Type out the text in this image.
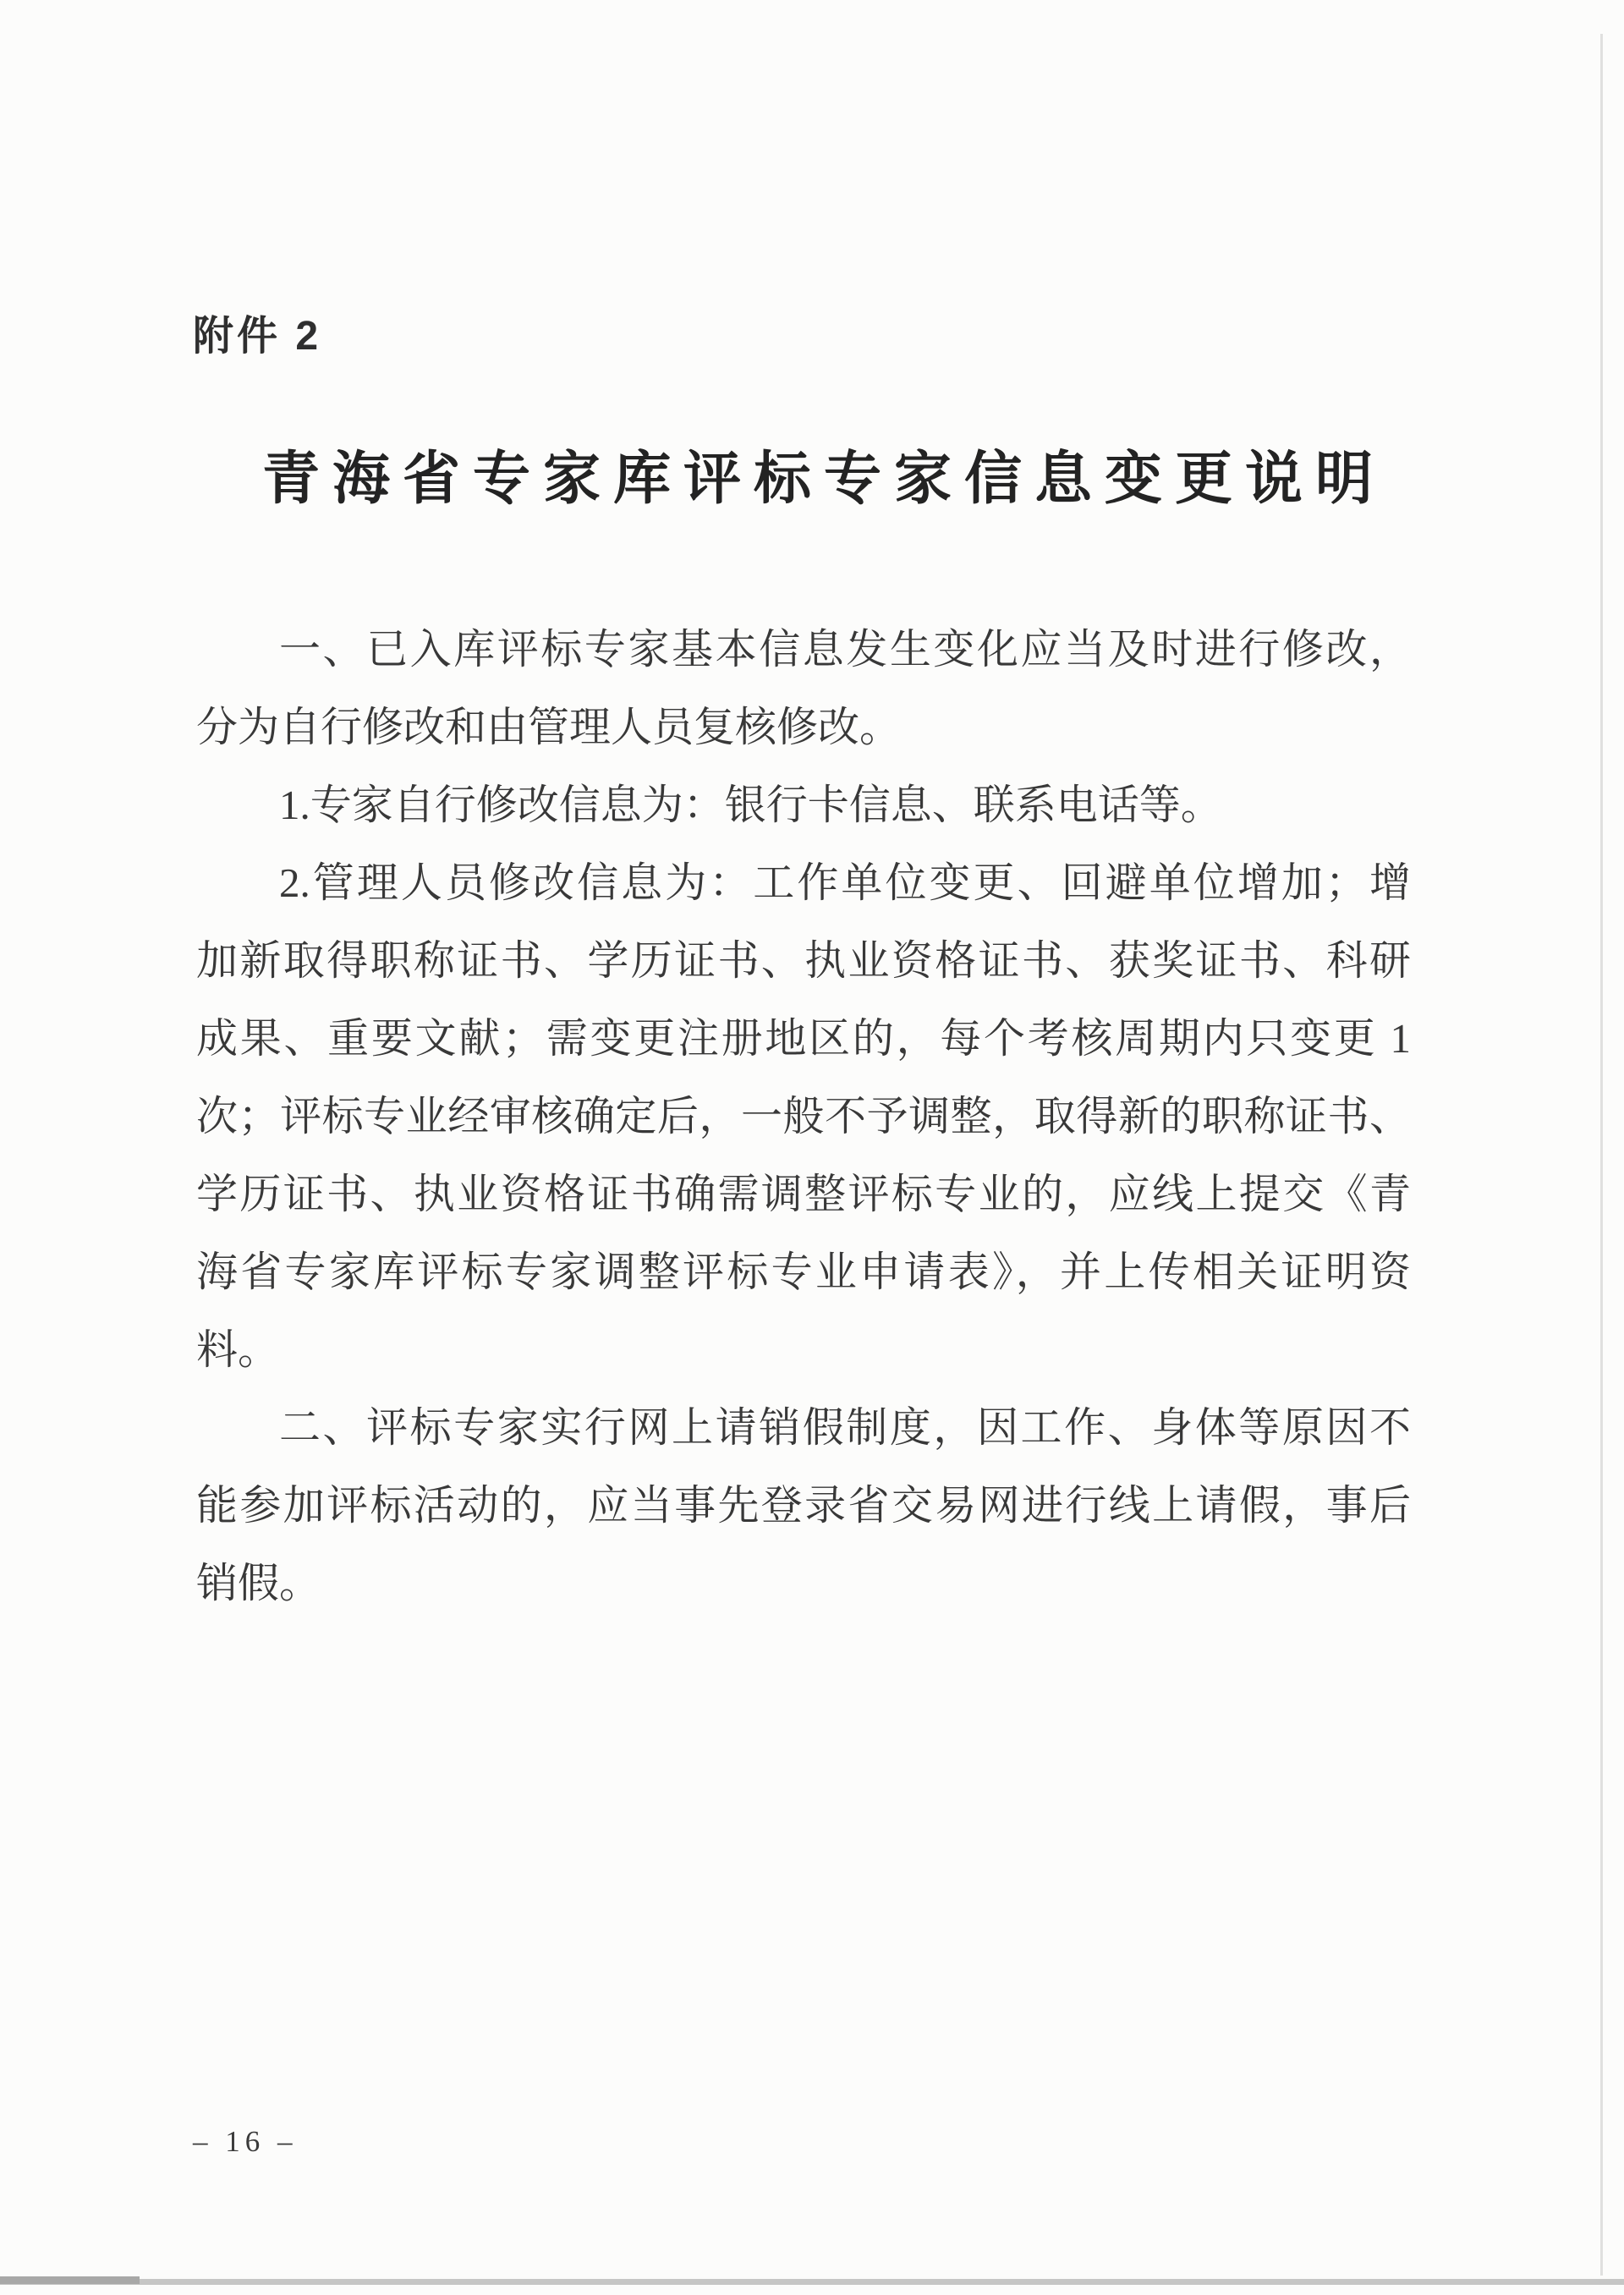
附件 2
青海省专家库评标专家信息变更说明
一、已入库评标专家基本信息发生变化应当及时进行修改，
分为自行修改和由管理人员复核修改。
1.专家自行修改信息为：银行卡信息、联系电话等。
2.管理人员修改信息为：工作单位变更、回避单位增加；增
加新取得职称证书、学历证书、执业资格证书、获奖证书、科研
成果、重要文献；需变更注册地区的，每个考核周期内只变更 1
次；评标专业经审核确定后，一般不予调整，取得新的职称证书、
学历证书、执业资格证书确需调整评标专业的，应线上提交《青
海省专家库评标专家调整评标专业申请表》，并上传相关证明资
料。
二、评标专家实行网上请销假制度，因工作、身体等原因不
能参加评标活动的，应当事先登录省交易网进行线上请假，事后
销假。
– 16 –
